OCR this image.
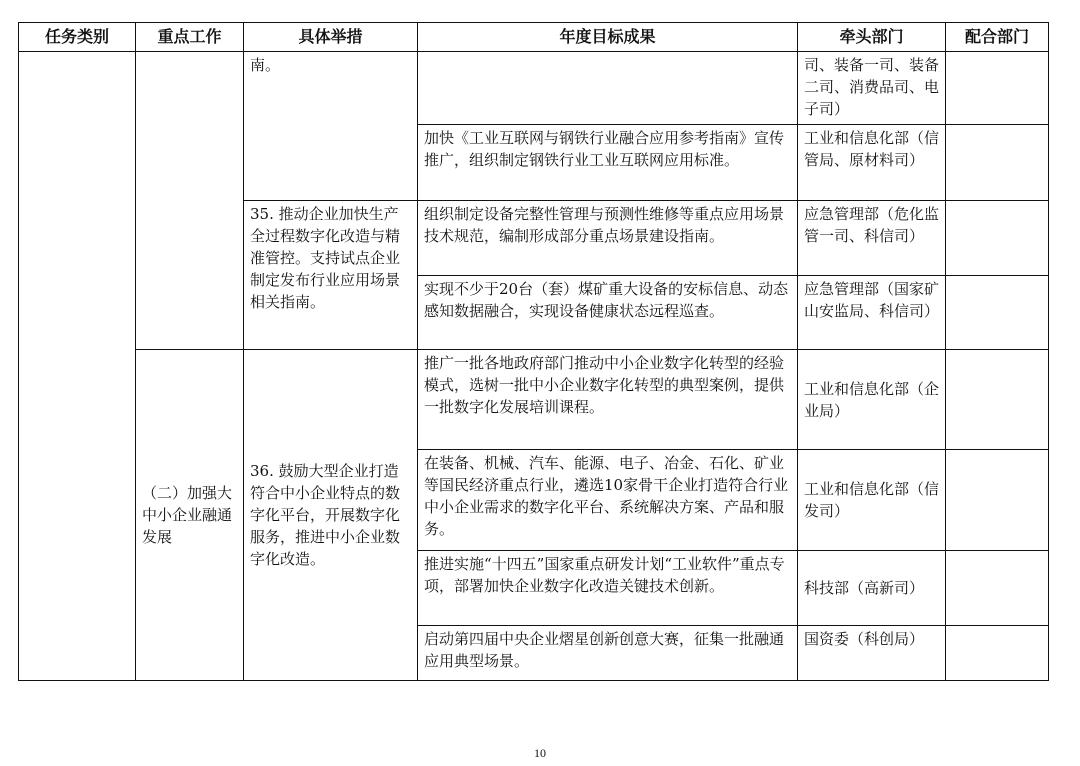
任务类别	重点工作	具体举措	年度目标成果	牵头部门	配合部门
		南。		司、装备一司、装备二司、消费品司、电子司）	
			加快《工业互联网与钢铁行业融合应用参考指南》宣传推广，组织制定钢铁行业工业互联网应用标准。	工业和信息化部（信管局、原材料司）	
		35. 推动企业加快生产全过程数字化改造与精准管控。支持试点企业制定发布行业应用场景相关指南。	组织制定设备完整性管理与预测性维修等重点应用场景技术规范，编制形成部分重点场景建设指南。	应急管理部（危化监管一司、科信司）	
			实现不少于20台（套）煤矿重大设备的安标信息、动态感知数据融合，实现设备健康状态远程巡查。	应急管理部（国家矿山安监局、科信司）	
	（二）加强大中小企业融通发展	36. 鼓励大型企业打造符合中小企业特点的数字化平台，开展数字化服务，推进中小企业数字化改造。	推广一批各地政府部门推动中小企业数字化转型的经验模式，选树一批中小企业数字化转型的典型案例，提供一批数字化发展培训课程。	工业和信息化部（企业局）	
			在装备、机械、汽车、能源、电子、冶金、石化、矿业等国民经济重点行业，遴选10家骨干企业打造符合行业中小企业需求的数字化平台、系统解决方案、产品和服务。	工业和信息化部（信发司）	
			推进实施“十四五”国家重点研发计划“工业软件”重点专项，部署加快企业数字化改造关键技术创新。	科技部（高新司）	
			启动第四届中央企业熠星创新创意大赛，征集一批融通应用典型场景。	国资委（科创局）	
10
